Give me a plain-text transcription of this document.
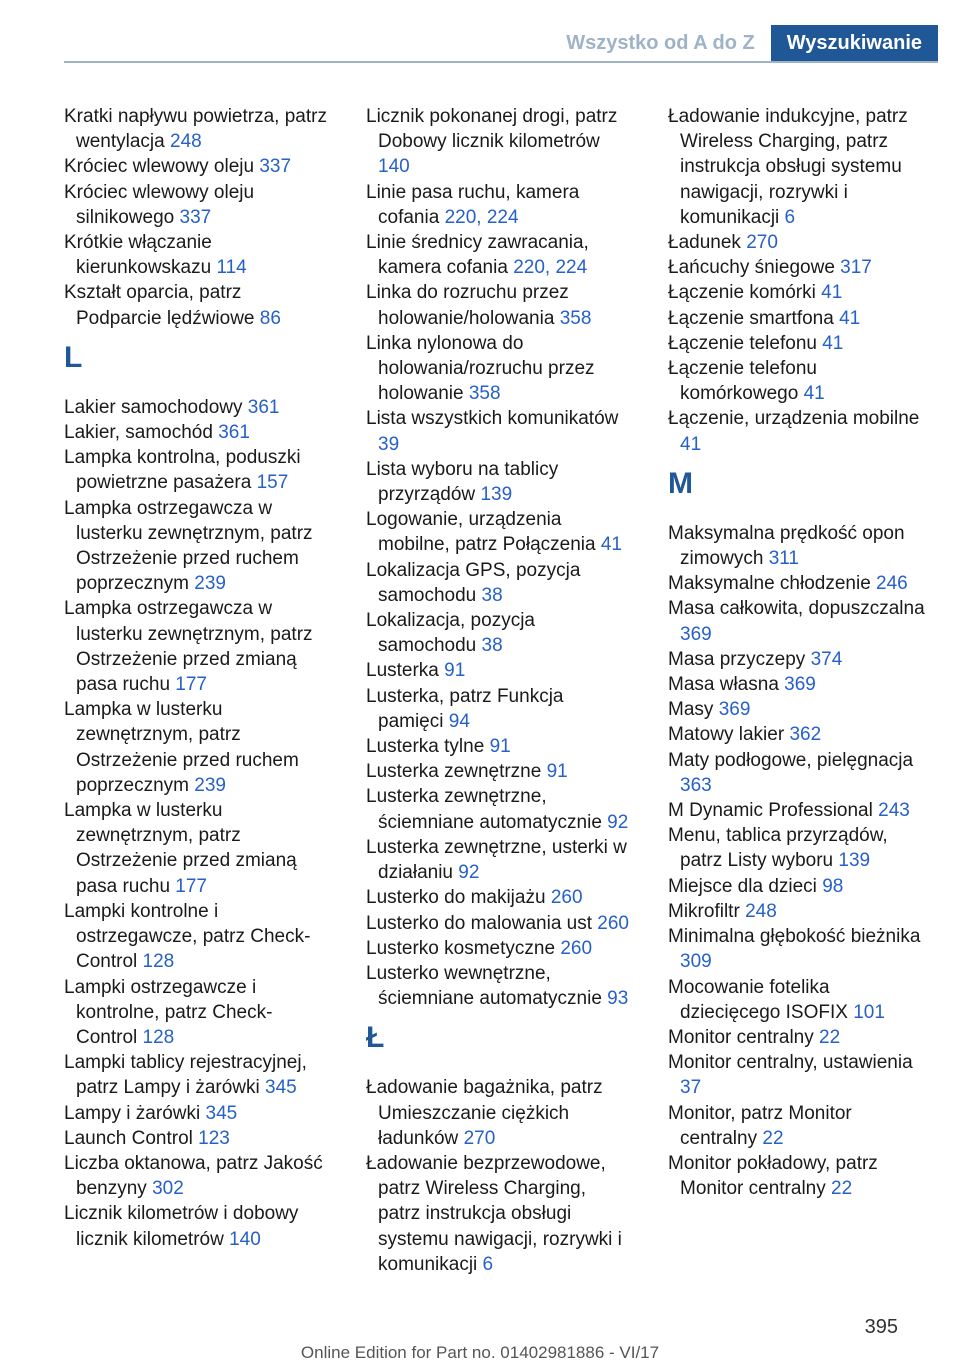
Wszystko od A do Z	Wyszukiwanie
Kratki napływu powietrza, patrz wentylacja 248
Króciec wlewowy oleju 337
Króciec wlewowy oleju silnikowego 337
Krótkie włączanie kierunkowskazu 114
Kształt oparcia, patrz Podparcie lędźwiowe 86
L
Lakier samochodowy 361
Lakier, samochód 361
Lampka kontrolna, poduszki powietrzne pasażera 157
Lampka ostrzegawcza w lusterku zewnętrznym, patrz Ostrzeżenie przed ruchem poprzecznym 239
Lampka ostrzegawcza w lusterku zewnętrznym, patrz Ostrzeżenie przed zmianą pasa ruchu 177
Lampka w lusterku zewnętrznym, patrz Ostrzeżenie przed ruchem poprzecznym 239
Lampka w lusterku zewnętrznym, patrz Ostrzeżenie przed zmianą pasa ruchu 177
Lampki kontrolne i ostrzegawcze, patrz Check-Control 128
Lampki ostrzegawcze i kontrolne, patrz Check-Control 128
Lampki tablicy rejestracyjnej, patrz Lampy i żarówki 345
Lampy i żarówki 345
Launch Control 123
Liczba oktanowa, patrz Jakość benzyny 302
Licznik kilometrów i dobowy licznik kilometrów 140
Licznik pokonanej drogi, patrz Dobowy licznik kilometrów 140
Linie pasa ruchu, kamera cofania 220, 224
Linie średnicy zawracania, kamera cofania 220, 224
Linka do rozruchu przez holowanie/holowania 358
Linka nylonowa do holowania/rozruchu przez holowanie 358
Lista wszystkich komunikatów 39
Lista wyboru na tablicy przyrządów 139
Logowanie, urządzenia mobilne, patrz Połączenia 41
Lokalizacja GPS, pozycja samochodu 38
Lokalizacja, pozycja samochodu 38
Lusterka 91
Lusterka, patrz Funkcja pamięci 94
Lusterka tylne 91
Lusterka zewnętrzne 91
Lusterka zewnętrzne, ściemniane automatycznie 92
Lusterka zewnętrzne, usterki w działaniu 92
Lusterko do makijażu 260
Lusterko do malowania ust 260
Lusterko kosmetyczne 260
Lusterko wewnętrzne, ściemniane automatycznie 93
Ł
Ładowanie bagażnika, patrz Umieszczanie ciężkich ładunków 270
Ładowanie bezprzewodowe, patrz Wireless Charging, patrz instrukcja obsługi systemu nawigacji, rozrywki i komunikacji 6
Ładowanie indukcyjne, patrz Wireless Charging, patrz instrukcja obsługi systemu nawigacji, rozrywki i komunikacji 6
Ładunek 270
Łańcuchy śniegowe 317
Łączenie komórki 41
Łączenie smartfona 41
Łączenie telefonu 41
Łączenie telefonu komórkowego 41
Łączenie, urządzenia mobilne 41
M
Maksymalna prędkość opon zimowych 311
Maksymalne chłodzenie 246
Masa całkowita, dopuszczalna 369
Masa przyczepy 374
Masa własna 369
Masy 369
Matowy lakier 362
Maty podłogowe, pielęgnacja 363
M Dynamic Professional 243
Menu, tablica przyrządów, patrz Listy wyboru 139
Miejsce dla dzieci 98
Mikrofiltr 248
Minimalna głębokość bieżnika 309
Mocowanie fotelika dziecięcego ISOFIX 101
Monitor centralny 22
Monitor centralny, ustawienia 37
Monitor, patrz Monitor centralny 22
Monitor pokładowy, patrz Monitor centralny 22
395
Online Edition for Part no. 01402981886 - VI/17
